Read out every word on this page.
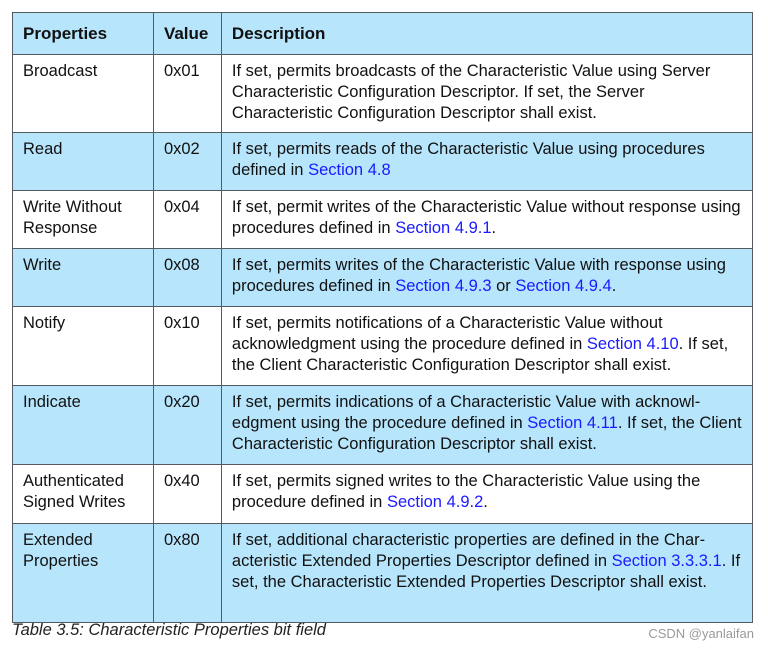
Properties	Value	Description
Broadcast	0x01	If set, permits broadcasts of the Characteristic Value using Server Characteristic Configuration Descriptor. If set, the Server Characteristic Configuration Descriptor shall exist.
Read	0x02	If set, permits reads of the Characteristic Value using procedures defined in Section 4.8
Write Without Response	0x04	If set, permit writes of the Characteristic Value without response using procedures defined in Section 4.9.1.
Write	0x08	If set, permits writes of the Characteristic Value with response using procedures defined in Section 4.9.3 or Section 4.9.4.
Notify	0x10	If set, permits notifications of a Characteristic Value without acknowledgment using the procedure defined in Section 4.10. If set, the Client Characteristic Configuration Descriptor shall exist.
Indicate	0x20	If set, permits indications of a Characteristic Value with acknowl-edgment using the procedure defined in Section 4.11. If set, the Client Characteristic Configuration Descriptor shall exist.
Authenticated Signed Writes	0x40	If set, permits signed writes to the Characteristic Value using the procedure defined in Section 4.9.2.
Extended Properties	0x80	If set, additional characteristic properties are defined in the Char-acteristic Extended Properties Descriptor defined in Section 3.3.3.1. If set, the Characteristic Extended Properties Descriptor shall exist.
Table 3.5: Characteristic Properties bit field	CSDN @yanlaifan
